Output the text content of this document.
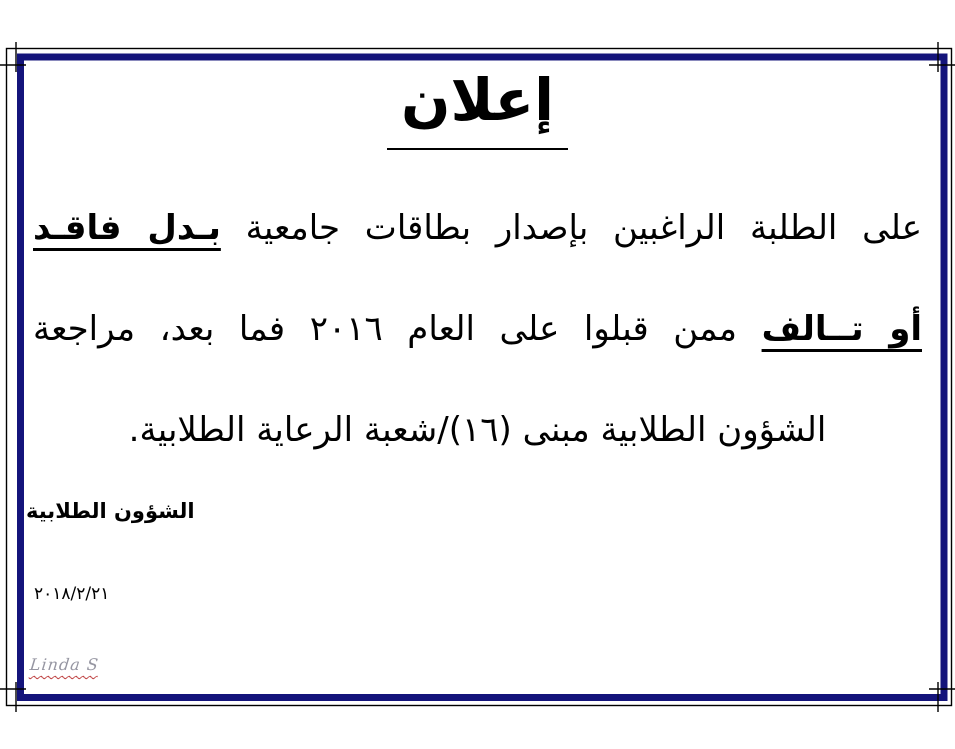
إعلان

على الطلبة الراغبين بإصدار بطاقات جامعية بـدل فاقـد

أو تــالف ممن قبلوا على العام ٢٠١٦ فما بعد، مراجعة

الشؤون الطلابية مبنى (١٦)/شعبة الرعاية الطلابية.

الشؤون الطلابية
٢٠١٨/٢/٢١
Linda S
